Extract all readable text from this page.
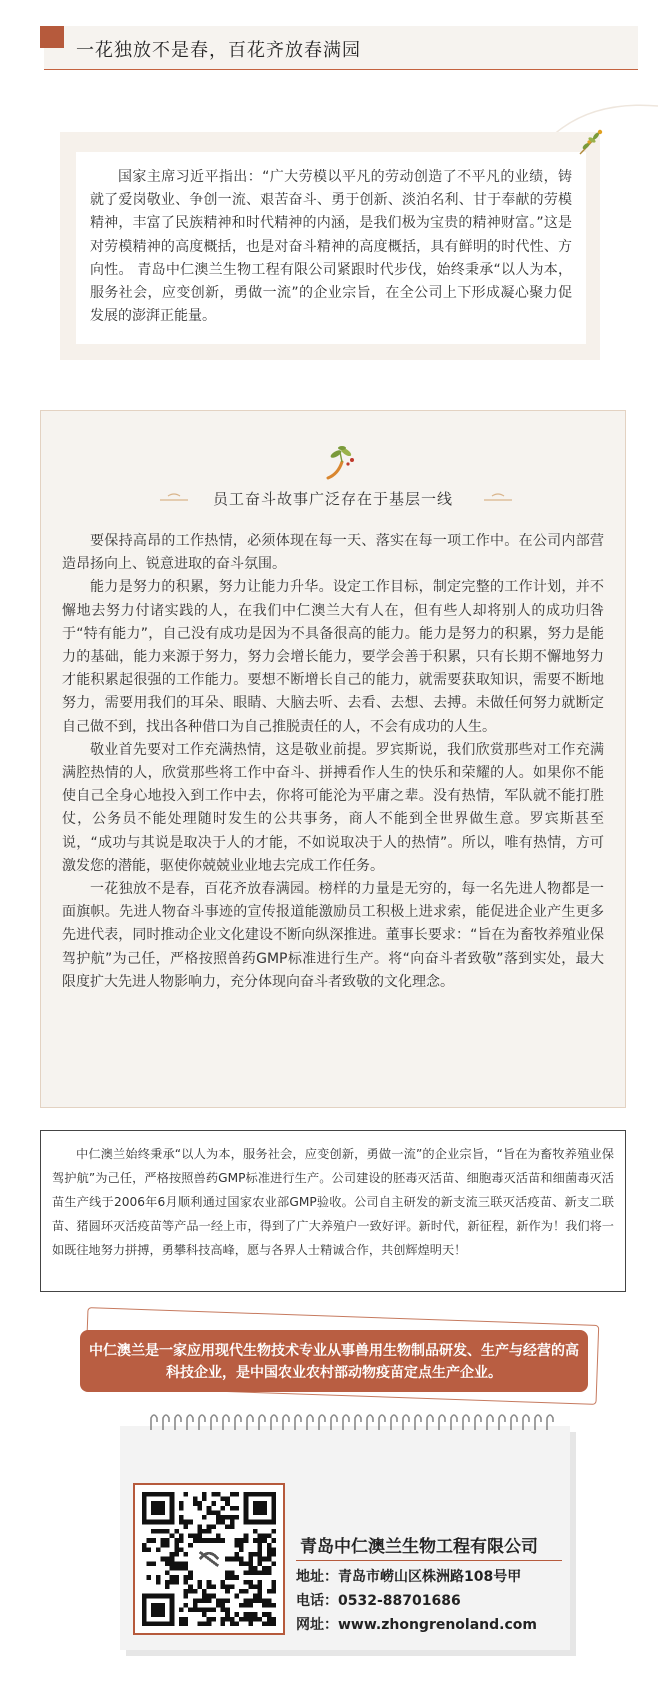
一花独放不是春，百花齐放春满园
国家主席习近平指出：“广大劳模以平凡的劳动创造了不平凡的业绩，铸就了爱岗敬业、争创一流、艰苦奋斗、勇于创新、淡泊名利、甘于奉献的劳模精神，丰富了民族精神和时代精神的内涵，是我们极为宝贵的精神财富。”这是对劳模精神的高度概括，也是对奋斗精神的高度概括，具有鲜明的时代性、方向性。 青岛中仁澳兰生物工程有限公司紧跟时代步伐，始终秉承“以人为本，服务社会，应变创新，勇做一流”的企业宗旨，在全公司上下形成凝心聚力促发展的澎湃正能量。
员工奋斗故事广泛存在于基层一线

要保持高昂的工作热情，必须体现在每一天、落实在每一项工作中。在公司内部营造昂扬向上、锐意进取的奋斗氛围。

能力是努力的积累，努力让能力升华。设定工作目标，制定完整的工作计划，并不懈地去努力付诸实践的人，在我们中仁澳兰大有人在，但有些人却将别人的成功归咎于“特有能力”，自己没有成功是因为不具备很高的能力。能力是努力的积累，努力是能力的基础，能力来源于努力，努力会增长能力，要学会善于积累，只有长期不懈地努力才能积累起很强的工作能力。要想不断增长自己的能力，就需要获取知识，需要不断地努力，需要用我们的耳朵、眼睛、大脑去听、去看、去想、去搏。未做任何努力就断定自己做不到，找出各种借口为自己推脱责任的人，不会有成功的人生。

敬业首先要对工作充满热情，这是敬业前提。罗宾斯说，我们欣赏那些对工作充满满腔热情的人，欣赏那些将工作中奋斗、拼搏看作人生的快乐和荣耀的人。如果你不能使自己全身心地投入到工作中去，你将可能沦为平庸之辈。没有热情，军队就不能打胜仗，公务员不能处理随时发生的公共事务，商人不能到全世界做生意。罗宾斯甚至说，“成功与其说是取决于人的才能，不如说取决于人的热情”。所以，唯有热情，方可激发您的潜能，驱使你兢兢业业地去完成工作任务。

一花独放不是春，百花齐放春满园。榜样的力量是无穷的，每一名先进人物都是一面旗帜。先进人物奋斗事迹的宣传报道能激励员工积极上进求索，能促进企业产生更多先进代表，同时推动企业文化建设不断向纵深推进。董事长要求：“旨在为畜牧养殖业保驾护航”为己任，严格按照兽药GMP标准进行生产。将“向奋斗者致敬”落到实处，最大限度扩大先进人物影响力，充分体现向奋斗者致敬的文化理念。

中仁澳兰始终秉承“以人为本，服务社会，应变创新，勇做一流”的企业宗旨，“旨在为畜牧养殖业保驾护航”为己任，严格按照兽药GMP标准进行生产。公司建设的胚毒灭活苗、细胞毒灭活苗和细菌毒灭活苗生产线于2006年6月顺利通过国家农业部GMP验收。公司自主研发的新支流三联灭活疫苗、新支二联苗、猪圆环灭活疫苗等产品一经上市，得到了广大养殖户一致好评。新时代，新征程，新作为！我们将一如既往地努力拼搏，勇攀科技高峰，愿与各界人士精诚合作，共创辉煌明天！
中仁澳兰是一家应用现代生物技术专业从事兽用生物制品研发、生产与经营的高科技企业，是中国农业农村部动物疫苗定点生产企业。
青岛中仁澳兰生物工程有限公司
地址：青岛市崂山区株洲路108号甲
电话：0532-88701686
网址：www.zhongrenoland.com
